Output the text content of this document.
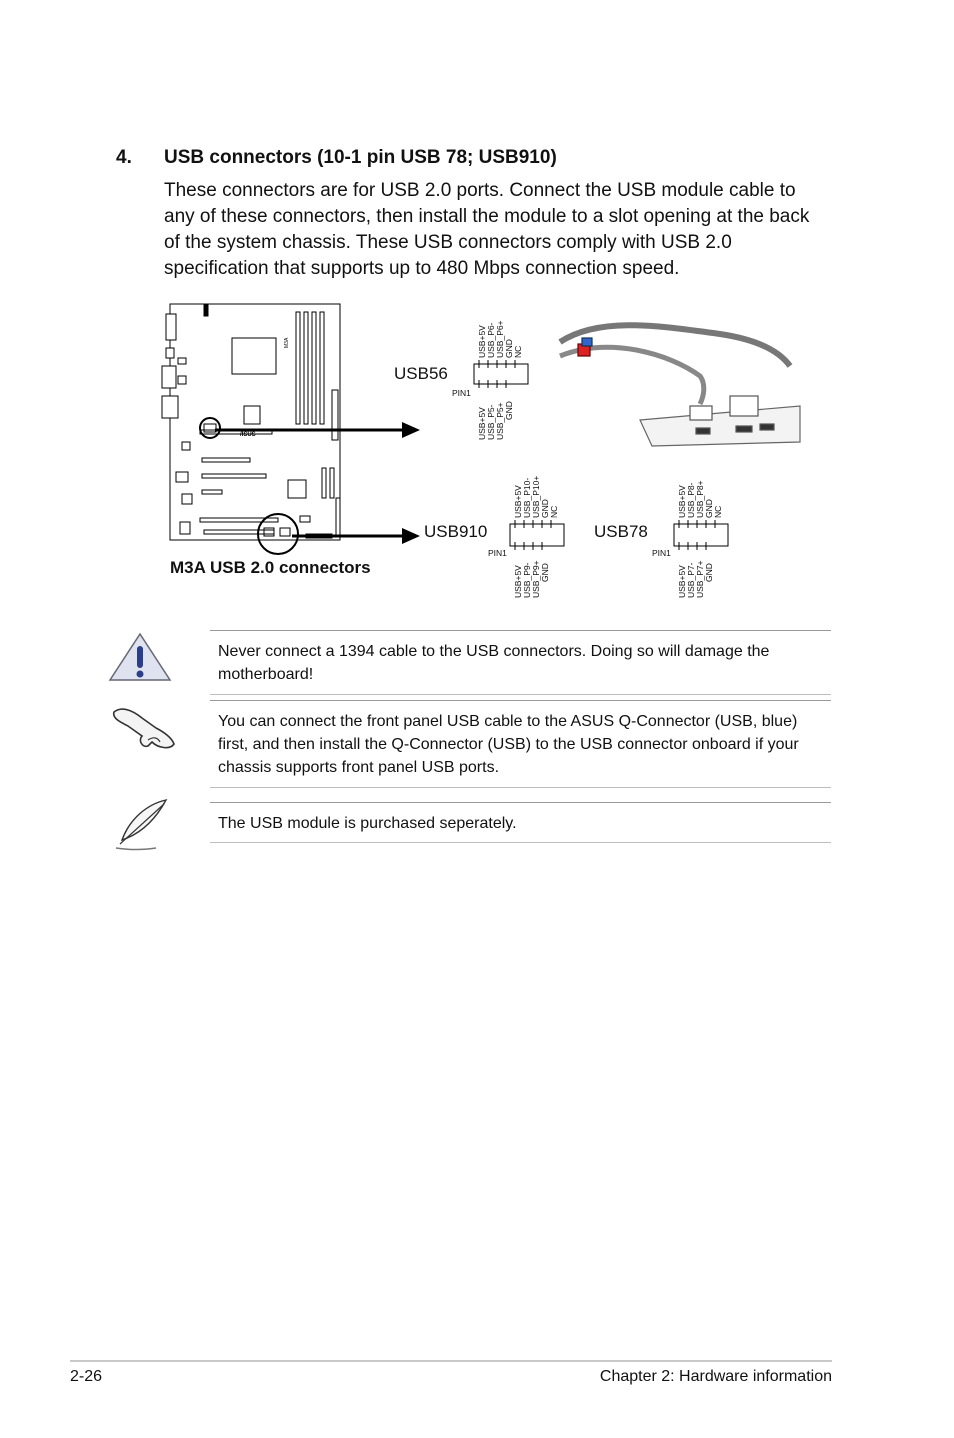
4. USB connectors (10-1 pin USB 78; USB910)

These connectors are for USB 2.0 ports. Connect the USB module cable to any of these connectors, then install the module to a slot opening at the back of the system chassis. These USB connectors comply with USB 2.0 specification that supports up to 480 Mbps connection speed.

M3A
/ISUS
M3A USB 2.0 connectors
USB56
USB910	USB78
PIN1
PIN1	PIN1
USB+5V USB_P6- USB_P6+ GND NC
USB+5V USB_P5- USB_P5+ GND
USB+5V USB_P10- USB_P10+ GND NC
USB+5V USB_P9- USB_P9+ GND
USB+5V USB_P8- USB_P8+ GND NC
USB+5V USB_P7- USB_P7+ GND

Never connect a 1394 cable to the USB connectors. Doing so will damage the motherboard!

You can connect the front panel USB cable to the ASUS Q-Connector (USB, blue) first, and then install the Q-Connector (USB) to the USB connector onboard if your chassis supports front panel USB ports.

The USB module is purchased seperately.

2-26	Chapter 2: Hardware information
